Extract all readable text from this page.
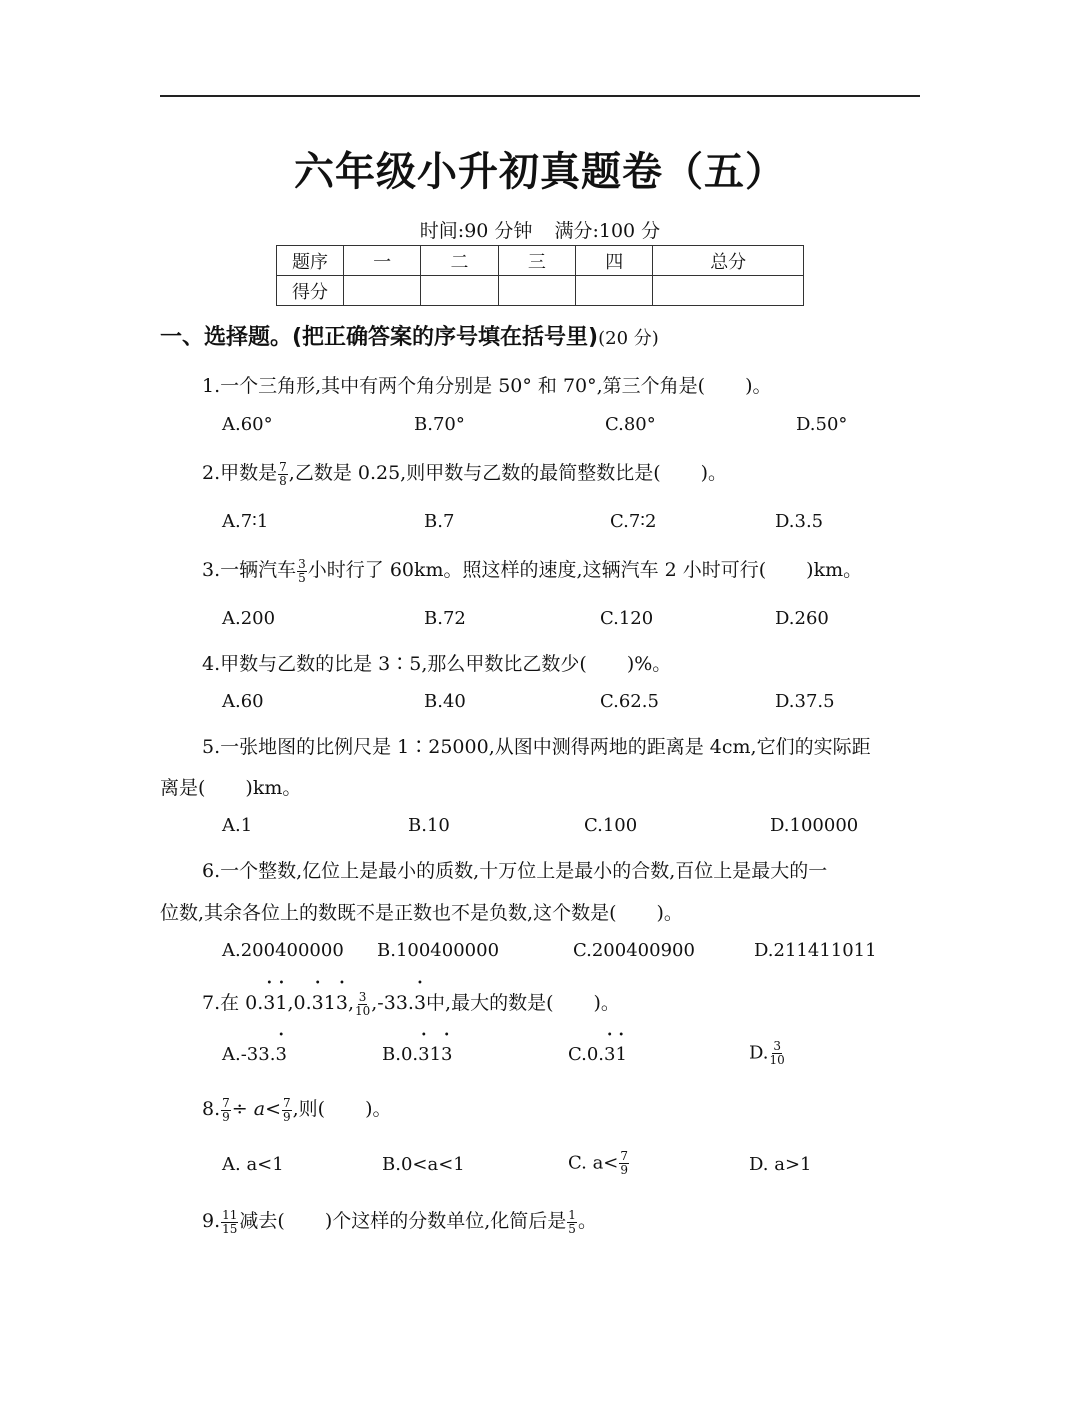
六年级小升初真题卷（五）
时间:90 分钟 满分:100 分
题序	一	二	三	四	总分
得分					
一、选择题。(把正确答案的序号填在括号里)(20 分)
1.一个三角形,其中有两个角分别是 50° 和 70°,第三个角是( )。
A.60°	B.70°	C.80°	D.50°
2.甲数是 $\frac{7}{8}$ ,乙数是 0.25,则甲数与乙数的最简整数比是( )。
A.7∶1	B.7	C.7∶2	D.3.5
3.一辆汽车 $\frac{3}{5}$ 小时行了 60km。照这样的速度,这辆汽车 2 小时可行( )km。
A.200	B.72	C.120	D.260
4.甲数与乙数的比是 3∶5,那么甲数比乙数少( )%。
A.60	B.40	C.62.5	D.37.5
5.一张地图的比例尺是 1∶25000,从图中测得两地的距离是 4cm,它们的实际距
离是( )km。
A.1	B.10	C.100	D.100000
6.一个整数,亿位上是最小的质数,十万位上是最小的合数,百位上是最大的一
位数,其余各位上的数既不是正数也不是负数,这个数是( )。
A.200400000 B.100400000	C.200400900	D.211411011
7.在 0.• 3• 1,0.• 31• 3, $\frac{3}{10}$ ,-33.• 3中,最大的数是( )。
A.-33.• 3	B.0.• 31• 3	C.0.• 3• 1	D. $\frac{3}{10}$
8. $\frac{7}{9} \div a< \frac{7}{9}$ ,则( )。
A. a<1	B.0<a<1	C. $a< \frac{7}{9}$	D. a>1
9. $\frac{11}{15}$ 减去( )个这样的分数单位,化简后是 $\frac{1}{5}$ 。
